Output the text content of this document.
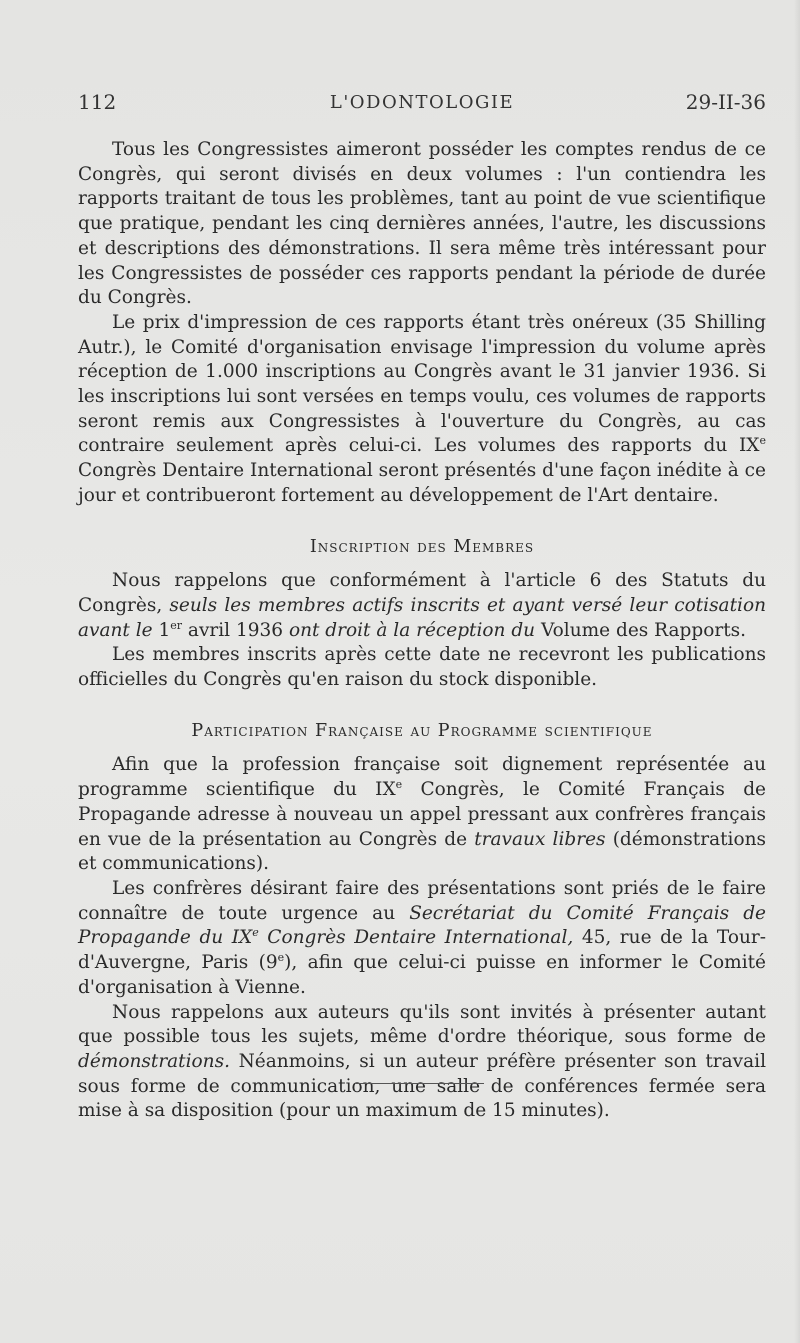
112	L'ODONTOLOGIE	29-II-36

Tous les Congressistes aimeront posséder les comptes rendus de ce Congrès, qui seront divisés en deux volumes : l'un contiendra les rapports traitant de tous les problèmes, tant au point de vue scientifique que pratique, pendant les cinq dernières années, l'autre, les discussions et descriptions des démonstrations. Il sera même très intéressant pour les Congressistes de posséder ces rapports pendant la période de durée du Congrès.

Le prix d'impression de ces rapports étant très onéreux (35 Shilling Autr.), le Comité d'organisation envisage l'impression du volume après réception de 1.000 inscriptions au Congrès avant le 31 janvier 1936. Si les inscriptions lui sont versées en temps voulu, ces volumes de rapports seront remis aux Congressistes à l'ouverture du Congrès, au cas contraire seulement après celui-ci. Les volumes des rapports du IXe Congrès Dentaire International seront présentés d'une façon inédite à ce jour et contribueront fortement au développement de l'Art dentaire.

Inscription des Membres

Nous rappelons que conformément à l'article 6 des Statuts du Congrès, seuls les membres actifs inscrits et ayant versé leur cotisation avant le 1er avril 1936 ont droit à la réception du Volume des Rapports.

Les membres inscrits après cette date ne recevront les publications officielles du Congrès qu'en raison du stock disponible.

Participation Française au Programme scientifique

Afin que la profession française soit dignement représentée au programme scientifique du IXe Congrès, le Comité Français de Propagande adresse à nouveau un appel pressant aux confrères français en vue de la présentation au Congrès de travaux libres (démonstrations et communications).

Les confrères désirant faire des présentations sont priés de le faire connaître de toute urgence au Secrétariat du Comité Français de Propagande du IXe Congrès Dentaire International, 45, rue de la Tour-d'Auvergne, Paris (9e), afin que celui-ci puisse en informer le Comité d'organisation à Vienne.

Nous rappelons aux auteurs qu'ils sont invités à présenter autant que possible tous les sujets, même d'ordre théorique, sous forme de démonstrations. Néanmoins, si un auteur préfère présenter son travail sous forme de communication, une salle de conférences fermée sera mise à sa disposition (pour un maximum de 15 minutes).
